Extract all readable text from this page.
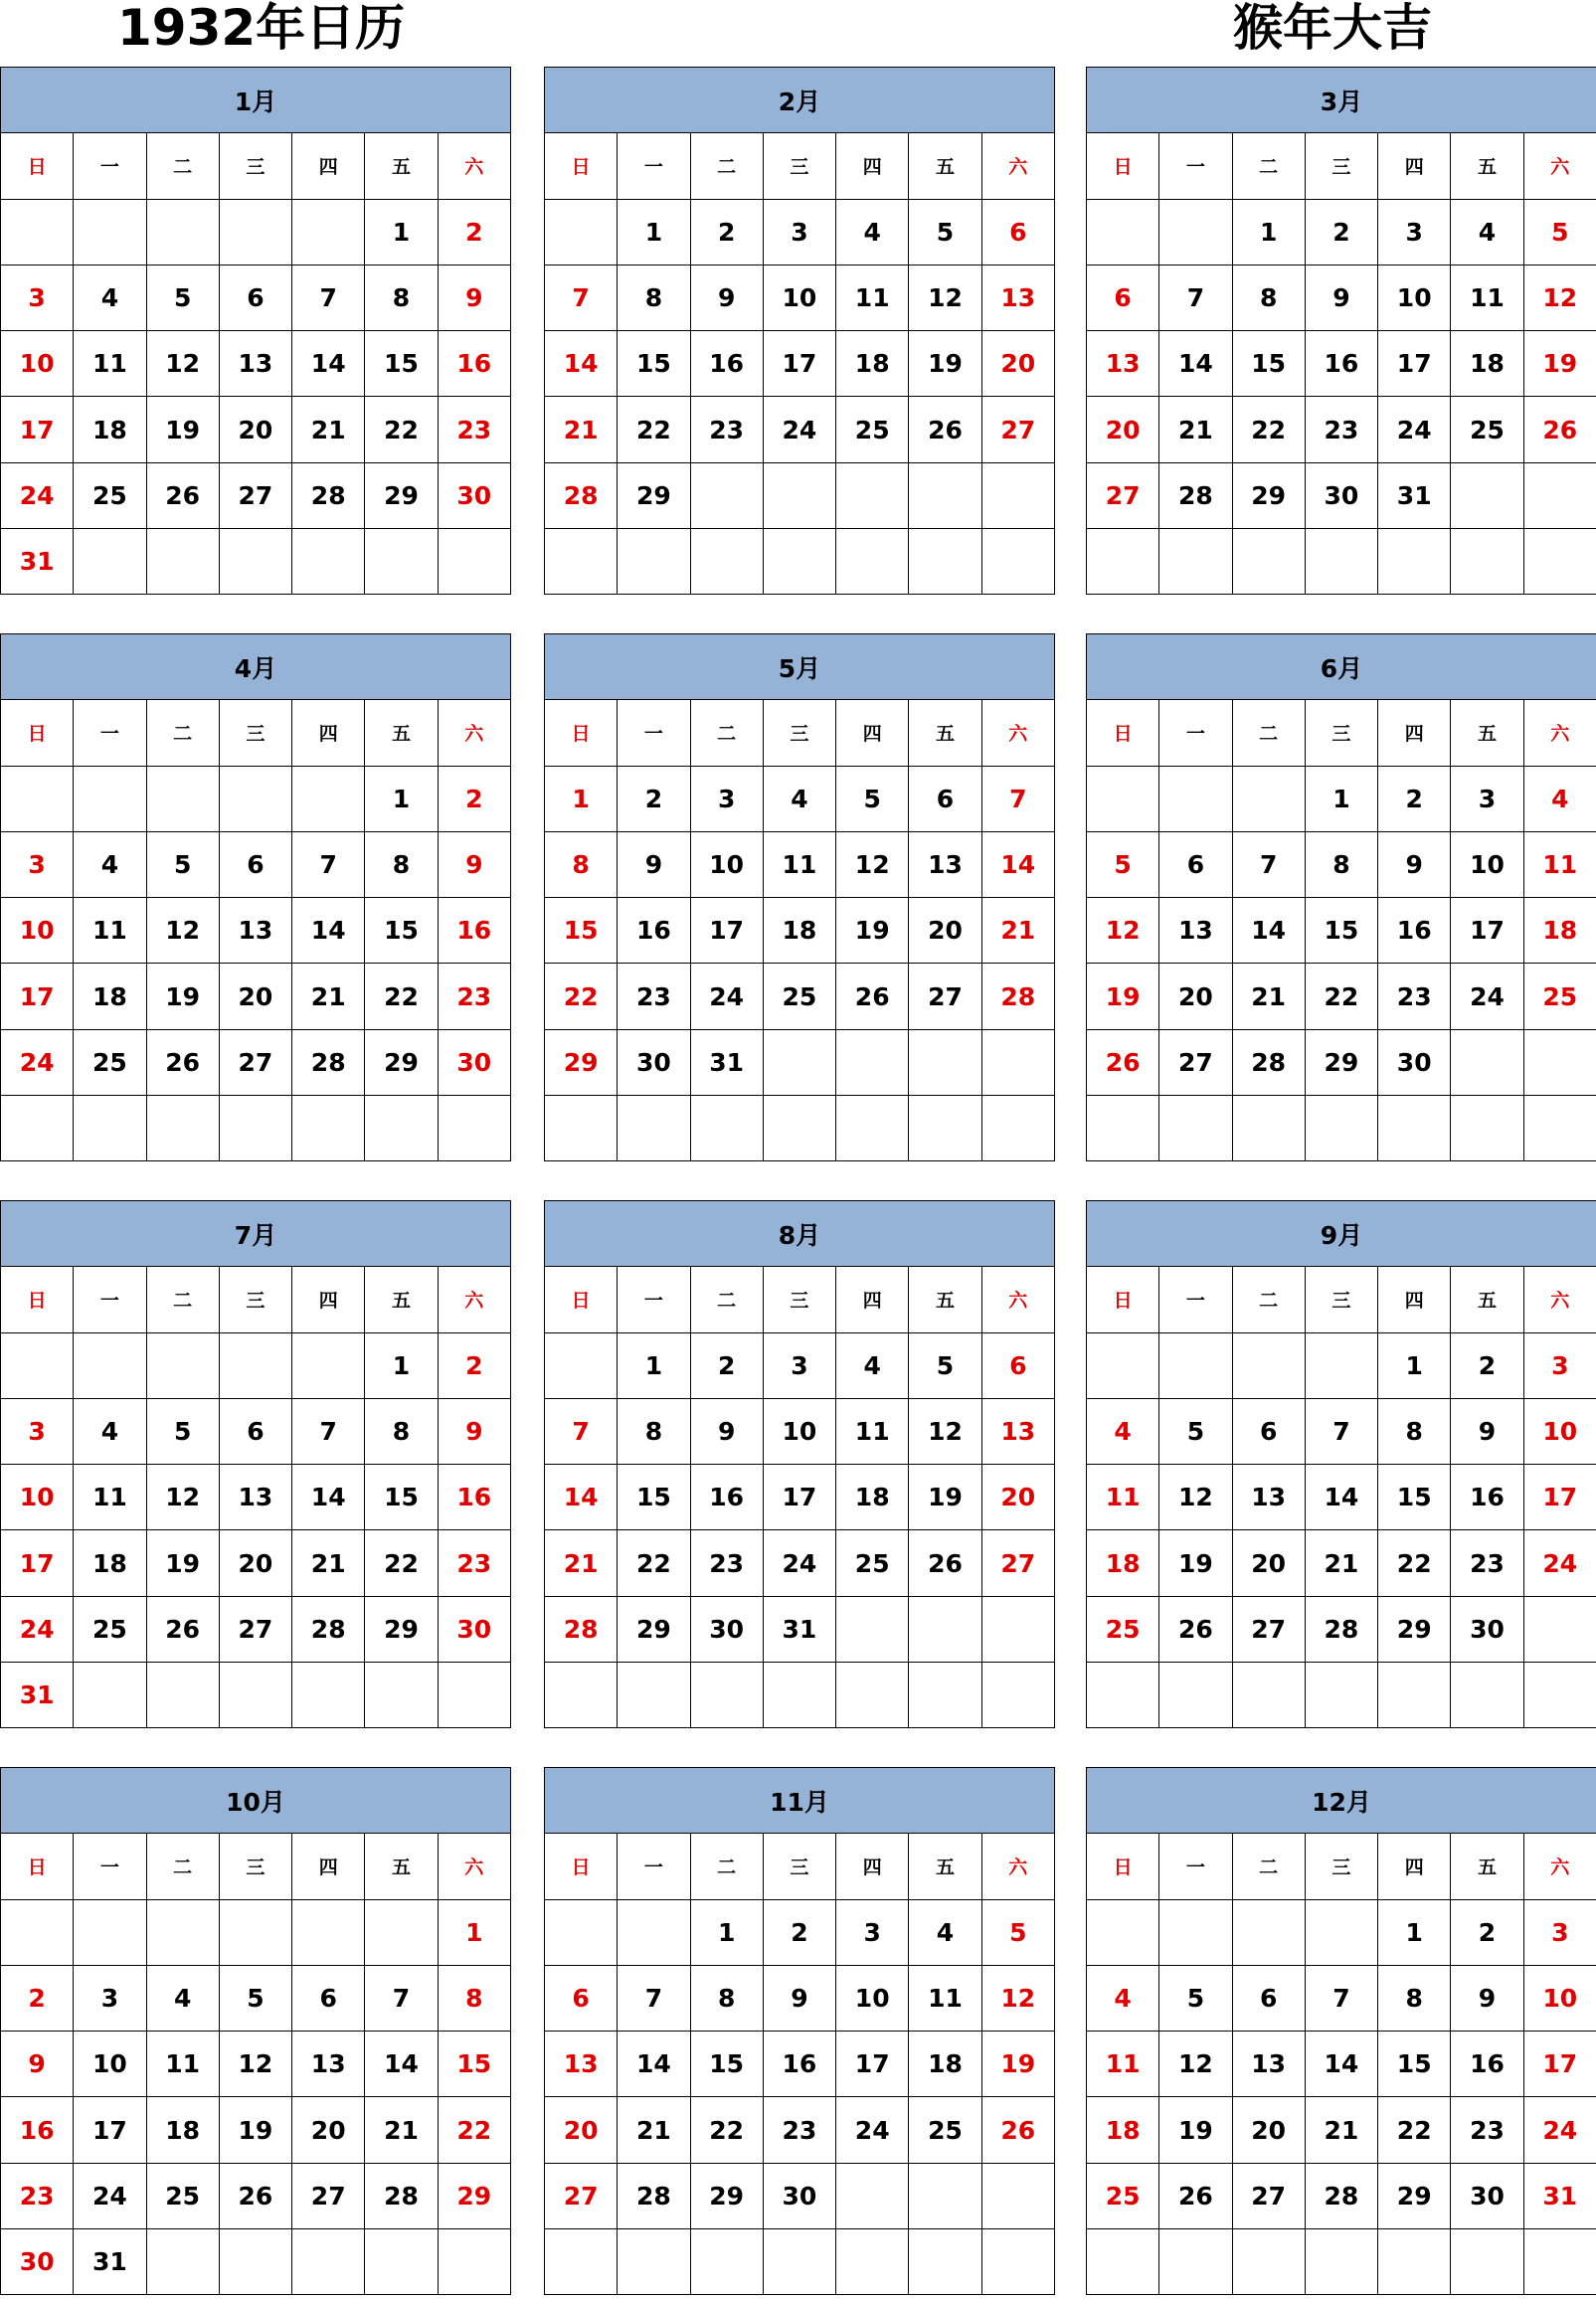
1932年日历	猴年大吉
1月						
日	一	二	三	四	五	六
					1	2
3	4	5	6	7	8	9
10	11	12	13	14	15	16
17	18	19	20	21	22	23
24	25	26	27	28	29	30
31						
2月						
日	一	二	三	四	五	六
	1	2	3	4	5	6
7	8	9	10	11	12	13
14	15	16	17	18	19	20
21	22	23	24	25	26	27
28	29					

3月						
日	一	二	三	四	五	六
		1	2	3	4	5
6	7	8	9	10	11	12
13	14	15	16	17	18	19
20	21	22	23	24	25	26
27	28	29	30	31		

4月						
日	一	二	三	四	五	六
					1	2
3	4	5	6	7	8	9
10	11	12	13	14	15	16
17	18	19	20	21	22	23
24	25	26	27	28	29	30

5月						
日	一	二	三	四	五	六
1	2	3	4	5	6	7
8	9	10	11	12	13	14
15	16	17	18	19	20	21
22	23	24	25	26	27	28
29	30	31				

6月						
日	一	二	三	四	五	六
			1	2	3	4
5	6	7	8	9	10	11
12	13	14	15	16	17	18
19	20	21	22	23	24	25
26	27	28	29	30		

7月						
日	一	二	三	四	五	六
					1	2
3	4	5	6	7	8	9
10	11	12	13	14	15	16
17	18	19	20	21	22	23
24	25	26	27	28	29	30
31						
8月						
日	一	二	三	四	五	六
	1	2	3	4	5	6
7	8	9	10	11	12	13
14	15	16	17	18	19	20
21	22	23	24	25	26	27
28	29	30	31			

9月						
日	一	二	三	四	五	六
				1	2	3
4	5	6	7	8	9	10
11	12	13	14	15	16	17
18	19	20	21	22	23	24
25	26	27	28	29	30	

10月						
日	一	二	三	四	五	六
						1
2	3	4	5	6	7	8
9	10	11	12	13	14	15
16	17	18	19	20	21	22
23	24	25	26	27	28	29
30	31					
11月						
日	一	二	三	四	五	六
		1	2	3	4	5
6	7	8	9	10	11	12
13	14	15	16	17	18	19
20	21	22	23	24	25	26
27	28	29	30			

12月						
日	一	二	三	四	五	六
				1	2	3
4	5	6	7	8	9	10
11	12	13	14	15	16	17
18	19	20	21	22	23	24
25	26	27	28	29	30	31
